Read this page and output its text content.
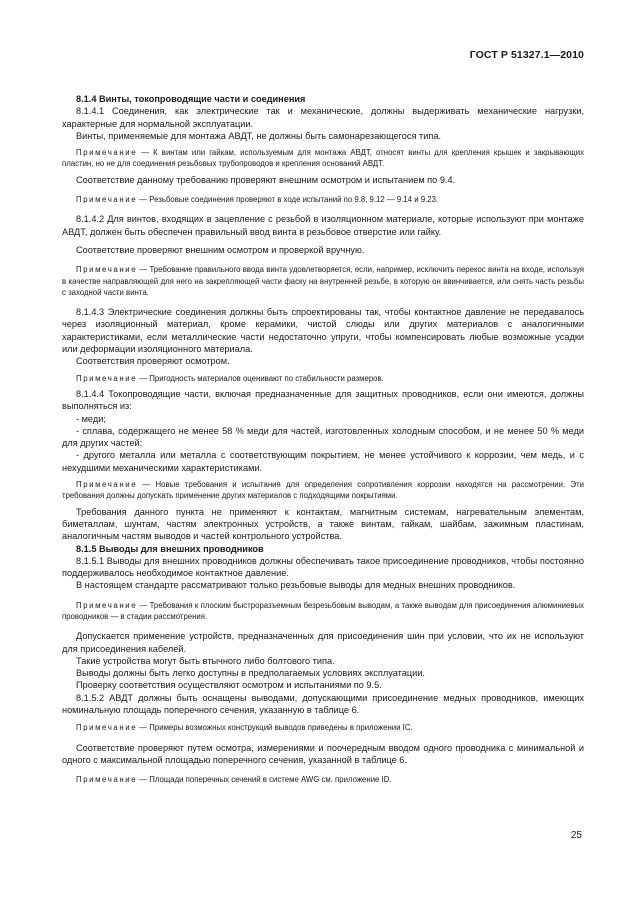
ГОСТ Р 51327.1—2010

8.1.4 Винты, токопроводящие части и соединения

8.1.4.1 Соединения, как электрические так и механические, должны выдерживать механические нагрузки, характерные для нормальной эксплуатации.

Винты, применяемые для монтажа АВДТ, не должны быть самонарезающегося типа.

Примечание — К винтам или гайкам, используемым для монтажа АВДТ, относят винты для крепления крышек и закрывающих пластин, но не для соединения резьбовых трубопроводов и крепления оснований АВДТ.

Соответствие данному требованию проверяют внешним осмотром и испытанием по 9.4.

Примечание — Резьбовые соединения проверяют в ходе испытаний по 9.8, 9.12 — 9.14 и 9.23.

8.1.4.2 Для винтов, входящих в зацепление с резьбой в изоляционном материале, которые используют при монтаже АВДТ, должен быть обеспечен правильный ввод винта в резьбовое отверстие или гайку.

Соответствие проверяют внешним осмотром и проверкой вручную.

Примечание — Требование правильного ввода винта удовлетворяется, если, например, исключить перекос винта на входе, используя в качестве направляющей для него на закрепляющей части фаску на внутренней резьбе, в которую он ввинчивается, или снять часть резьбы с заходной части винта.

8.1.4.3 Электрические соединения должны быть спроектированы так, чтобы контактное давление не передавалось через изоляционный материал, кроме керамики, чистой слюды или других материалов с аналогичными характеристиками, если металлические части недостаточно упруги, чтобы компенсировать любые возможные усадки или деформации изоляционного материала.

Соответствия проверяют осмотром.

Примечание — Пригодность материалов оценивают по стабильности размеров.

8.1.4.4 Токопроводящие части, включая предназначенные для защитных проводников, если они имеются, должны выполняться из:

- меди;

- сплава, содержащего не менее 58 % меди для частей, изготовленных холодным способом, и не менее 50 % меди для других частей;

- другого металла или металла с соответствующим покрытием, не менее устойчивого к коррозии, чем медь, и с нехудшими механическими характеристиками.

Примечание — Новые требования и испытания для определения сопротивления коррозии находятся на рассмотрении. Эти требования должны допускать применение других материалов с подходящими покрытиями.

Требования данного пункта не применяют к контактам, магнитным системам, нагревательным элементам, биметаллам, шунтам, частям электронных устройств, а также винтам, гайкам, шайбам, зажимным пластинам, аналогичным частям выводов и частей контрольного устройства.

8.1.5 Выводы для внешних проводников

8.1.5.1 Выводы для внешних проводников должны обеспечивать такое присоединение проводников, чтобы постоянно поддерживалось необходимое контактное давление.

В настоящем стандарте рассматривают только резьбовые выводы для медных внешних проводников.

Примечание — Требования к плоским быстроразъемным безрезьбовым выводам, а также выводам для присоединения алюминиевых проводников — в стадии рассмотрения.

Допускается применение устройств, предназначенных для присоединения шин при условии, что их не используют для присоединения кабелей.

Такие устройства могут быть втычного либо болтового типа.

Выводы должны быть легко доступны в предполагаемых условиях эксплуатации.

Проверку соответствия осуществляют осмотром и испытаниями по 9.5.

8.1.5.2 АВДТ должны быть оснащены выводами, допускающими присоединение медных проводников, имеющих номинальную площадь поперечного сечения, указанную в таблице 6.

Примечание — Примеры возможных конструкций выводов приведены в приложении IC.

Соответствие проверяют путем осмотра, измерениями и поочередным вводом одного проводника с минимальной и одного с максимальной площадью поперечного сечения, указанной в таблице 6.

Примечание — Площади поперечных сечений в системе AWG см. приложение ID.

25
